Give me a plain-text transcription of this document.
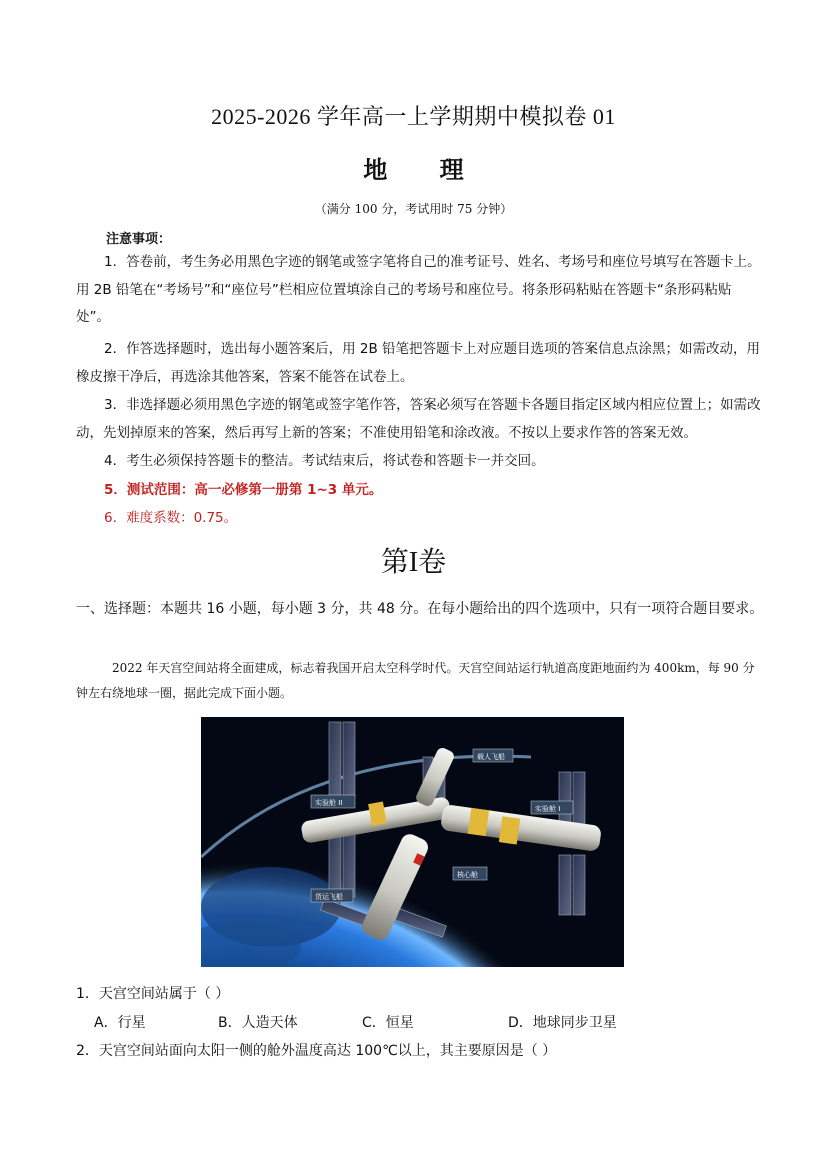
2025-2026 学年高一上学期期中模拟卷 01
地 理
（满分 100 分，考试用时 75 分钟）
注意事项：
1．答卷前，考生务必用黑色字迹的钢笔或签字笔将自己的准考证号、姓名、考场号和座位号填写在答题卡上。用 2B 铅笔在“考场号”和“座位号”栏相应位置填涂自己的考场号和座位号。将条形码粘贴在答题卡“条形码粘贴处”。
2．作答选择题时，选出每小题答案后，用 2B 铅笔把答题卡上对应题目选项的答案信息点涂黑；如需改动，用橡皮擦干净后，再选涂其他答案，答案不能答在试卷上。
3．非选择题必须用黑色字迹的钢笔或签字笔作答，答案必须写在答题卡各题目指定区域内相应位置上；如需改动，先划掉原来的答案，然后再写上新的答案；不准使用铅笔和涂改液。不按以上要求作答的答案无效。
4．考生必须保持答题卡的整洁。考试结束后，将试卷和答题卡一并交回。
5．测试范围：高一必修第一册第 1~3 单元。
6．难度系数：0.75。
第I卷
一、选择题：本题共 16 小题，每小题 3 分，共 48 分。在每小题给出的四个选项中，只有一项符合题目要求。
2022 年天宫空间站将全面建成，标志着我国开启太空科学时代。天宫空间站运行轨道高度距地面约为 400km，每 90 分钟左右绕地球一圈，据此完成下面小题。
载人飞船
实验舱 II
实验舱 I
核心舱
货运飞船
1．天宫空间站属于（ ）
A．行星	B．人造天体	C．恒星	D．地球同步卫星
2．天宫空间站面向太阳一侧的舱外温度高达 100℃以上，其主要原因是（ ）
